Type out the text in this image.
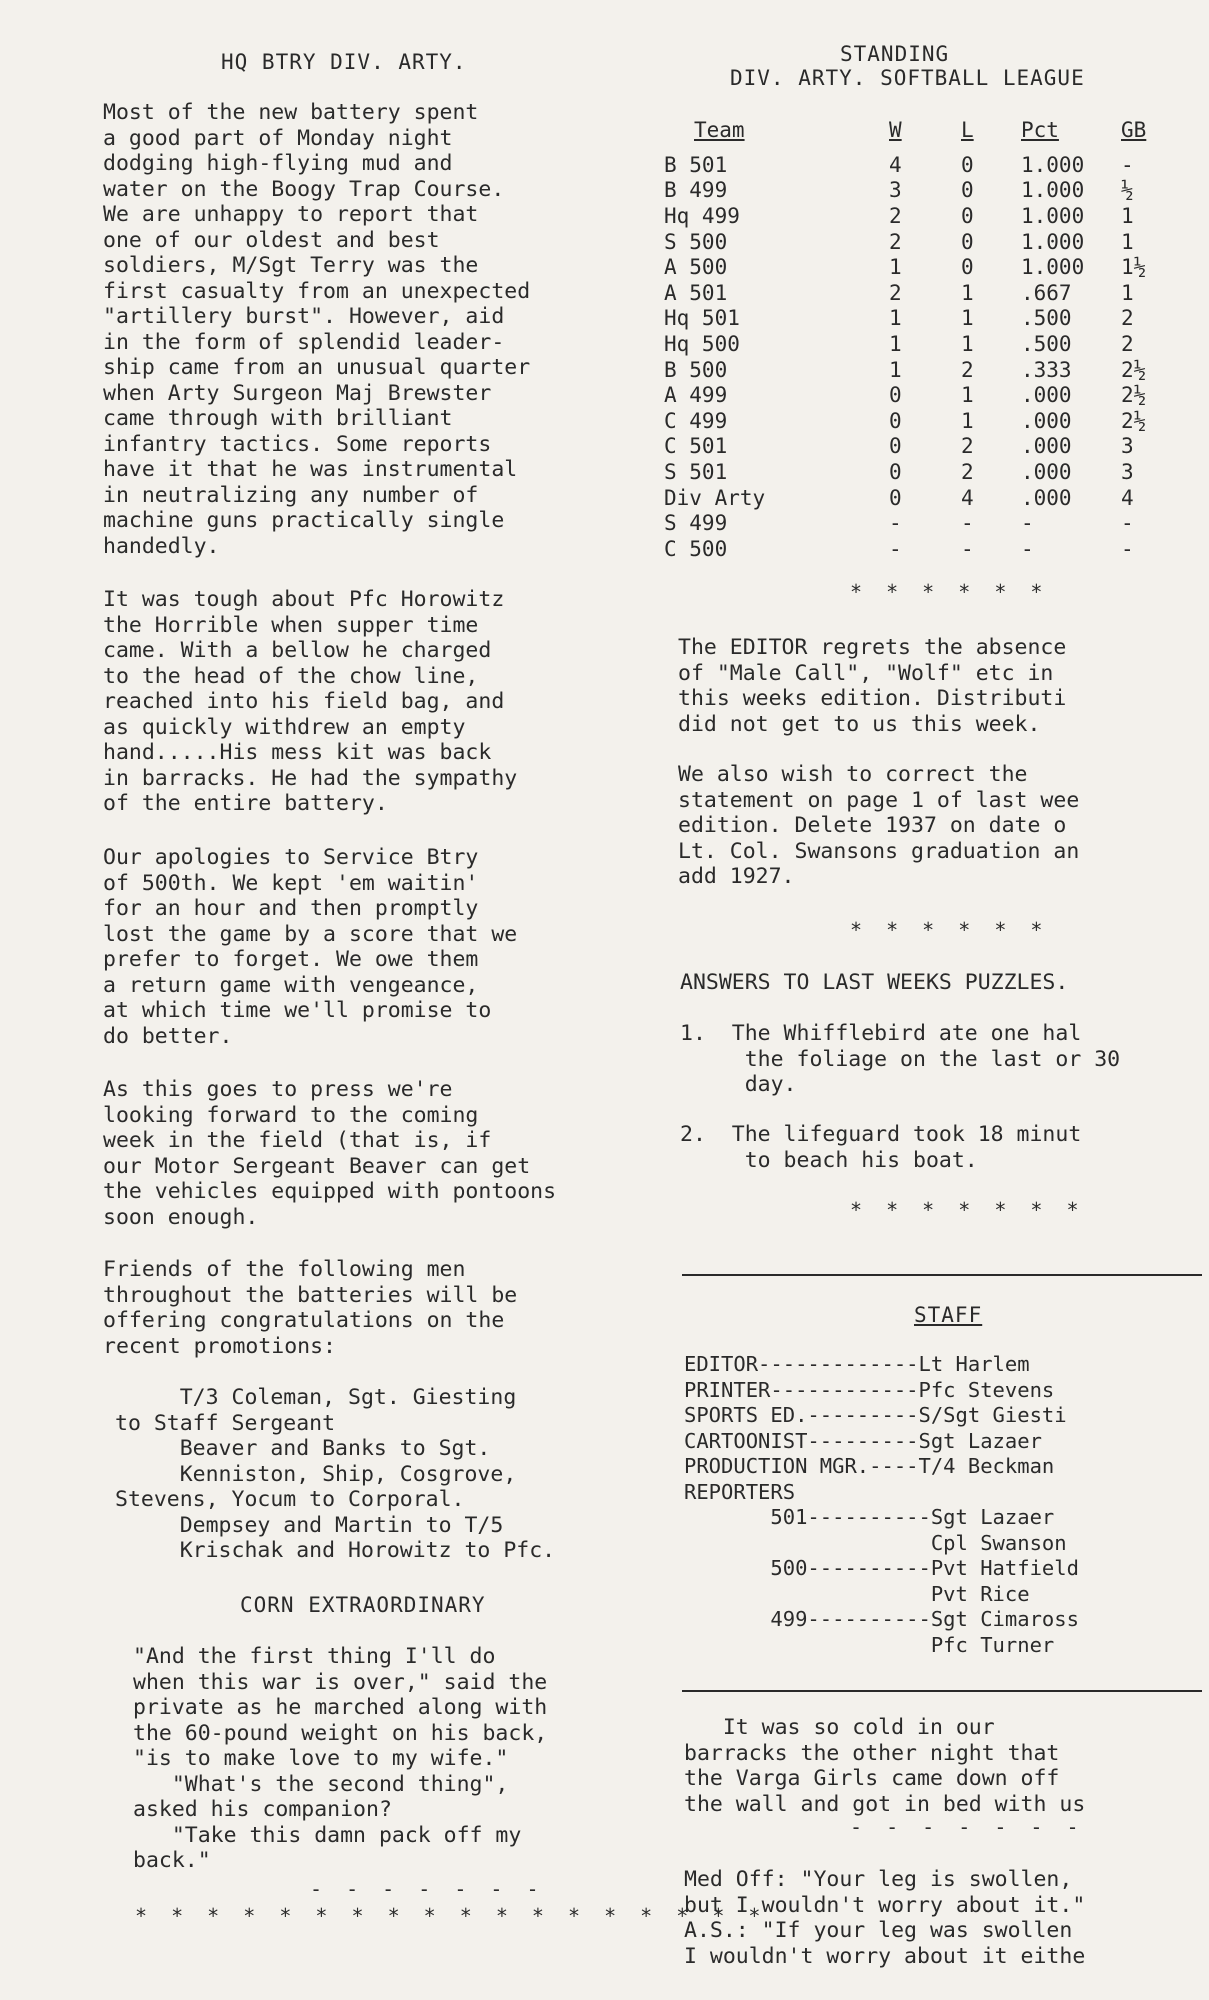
HQ BTRY DIV. ARTY.
Most of the new battery spent
a good part of Monday night
dodging high-flying mud and
water on the Boogy Trap Course.
We are unhappy to report that
one of our oldest and best
soldiers, M/Sgt Terry was the
first casualty from an unexpected
"artillery burst". However, aid
in the form of splendid leader-
ship came from an unusual quarter
when Arty Surgeon Maj Brewster
came through with brilliant
infantry tactics. Some reports
have it that he was instrumental
in neutralizing any number of
machine guns practically single
handedly.
It was tough about Pfc Horowitz
the Horrible when supper time
came. With a bellow he charged
to the head of the chow line,
reached into his field bag, and
as quickly withdrew an empty
hand.....His mess kit was back
in barracks. He had the sympathy
of the entire battery.
Our apologies to Service Btry
of 500th. We kept 'em waitin'
for an hour and then promptly
lost the game by a score that we
prefer to forget. We owe them
a return game with vengeance,
at which time we'll promise to
do better.
As this goes to press we're
looking forward to the coming
week in the field (that is, if
our Motor Sergeant Beaver can get
the vehicles equipped with pontoons
soon enough.
Friends of the following men
throughout the batteries will be
offering congratulations on the
recent promotions:
T/3 Coleman, Sgt. Giesting
to Staff Sergeant
Beaver and Banks to Sgt.
Kenniston, Ship, Cosgrove,
Stevens, Yocum to Corporal.
Dempsey and Martin to T/5
Krischak and Horowitz to Pfc.
CORN EXTRAORDINARY
"And the first thing I'll do
when this war is over," said the
private as he marched along with
the 60-pound weight on his back,
"is to make love to my wife."
"What's the second thing",
asked his companion?
"Take this damn pack off my
back."
- - - - - - -
* * * * * * * * * * * * * * * * * *
STANDING
DIV. ARTY. SOFTBALL LEAGUE
Team	W	L	Pct	GB
B 501	4	0	1.000	-
B 499	3	0	1.000	½
Hq 499	2	0	1.000	1
S 500	2	0	1.000	1
A 500	1	0	1.000	1½
A 501	2	1	.667	1
Hq 501	1	1	.500	2
Hq 500	1	1	.500	2
B 500	1	2	.333	2½
A 499	0	1	.000	2½
C 499	0	1	.000	2½
C 501	0	2	.000	3
S 501	0	2	.000	3
Div Arty	0	4	.000	4
S 499	-	-	-	-
C 500	-	-	-	-
* * * * * *
The EDITOR regrets the absence
of "Male Call", "Wolf" etc in
this weeks edition. Distributi
did not get to us this week.
We also wish to correct the
statement on page 1 of last wee
edition. Delete 1937 on date o
Lt. Col. Swansons graduation an
add 1927.
* * * * * *
ANSWERS TO LAST WEEKS PUZZLES.
1.  The Whifflebird ate one hal
the foliage on the last or 30
day.
2.  The lifeguard took 18 minut
to beach his boat.
* * * * * * *
STAFF
EDITOR-------------Lt Harlem
PRINTER------------Pfc Stevens
SPORTS ED.---------S/Sgt Giesti
CARTOONIST---------Sgt Lazaer
PRODUCTION MGR.----T/4 Beckman
REPORTERS
501----------Sgt Lazaer
Cpl Swanson
500----------Pvt Hatfield
Pvt Rice
499----------Sgt Cimaross
Pfc Turner
It was so cold in our
barracks the other night that
the Varga Girls came down off
the wall and got in bed with us
- - - - - - -
Med Off: "Your leg is swollen,
but I wouldn't worry about it."
A.S.: "If your leg was swollen
I wouldn't worry about it eithe
